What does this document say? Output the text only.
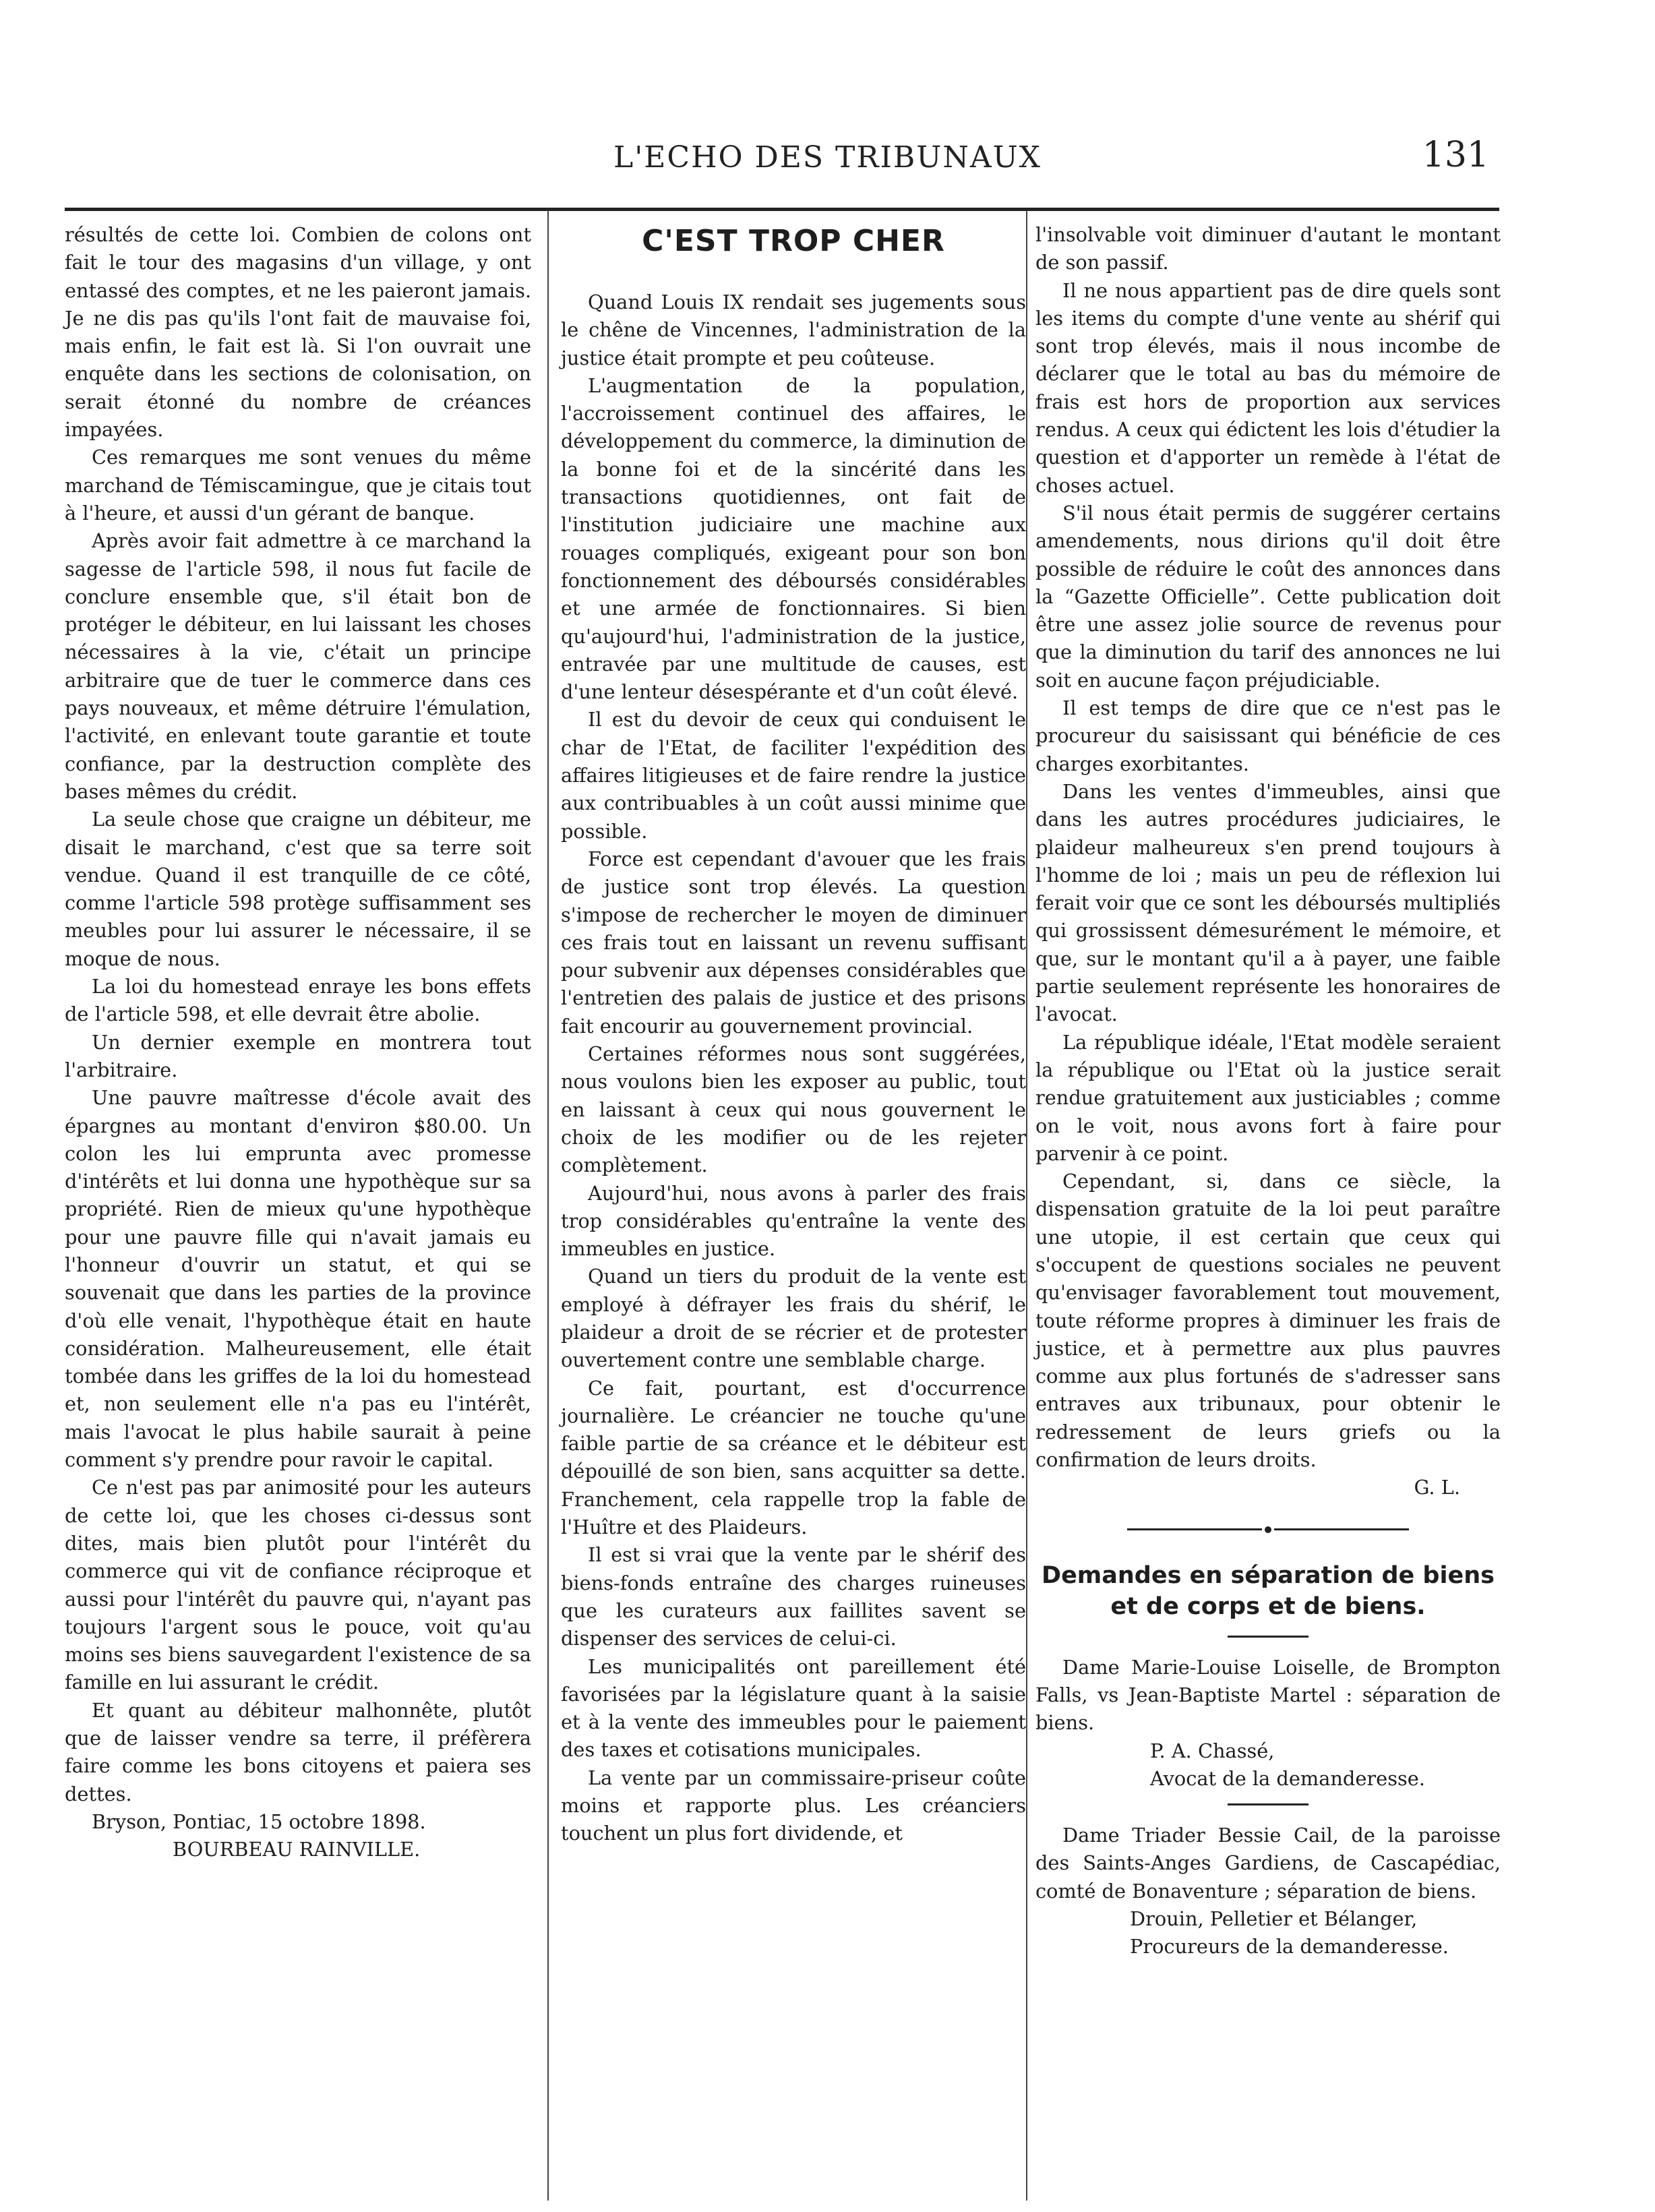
L'ECHO DES TRIBUNAUX	131

résultés de cette loi. Combien de colons ont fait le tour des magasins d'un village, y ont entassé des comptes, et ne les paieront jamais. Je ne dis pas qu'ils l'ont fait de mauvaise foi, mais enfin, le fait est là. Si l'on ouvrait une enquête dans les sections de colonisation, on serait étonné du nombre de créances impayées.

Ces remarques me sont venues du même marchand de Témiscamingue, que je citais tout à l'heure, et aussi d'un gérant de banque.

Après avoir fait admettre à ce marchand la sagesse de l'article 598, il nous fut facile de conclure ensemble que, s'il était bon de protéger le débiteur, en lui laissant les choses nécessaires à la vie, c'était un principe arbitraire que de tuer le commerce dans ces pays nouveaux, et même détruire l'émulation, l'activité, en enlevant toute garantie et toute confiance, par la destruction complète des bases mêmes du crédit.

La seule chose que craigne un débiteur, me disait le marchand, c'est que sa terre soit vendue. Quand il est tranquille de ce côté, comme l'article 598 protège suffisamment ses meubles pour lui assurer le nécessaire, il se moque de nous.

La loi du homestead enraye les bons effets de l'article 598, et elle devrait être abolie.

Un dernier exemple en montrera tout l'arbitraire.

Une pauvre maîtresse d'école avait des épargnes au montant d'environ $80.00. Un colon les lui emprunta avec promesse d'intérêts et lui donna une hypothèque sur sa propriété. Rien de mieux qu'une hypothèque pour une pauvre fille qui n'avait jamais eu l'honneur d'ouvrir un statut, et qui se souvenait que dans les parties de la province d'où elle venait, l'hypothèque était en haute considération. Malheureusement, elle était tombée dans les griffes de la loi du homestead et, non seulement elle n'a pas eu l'intérêt, mais l'avocat le plus habile saurait à peine comment s'y prendre pour ravoir le capital.

Ce n'est pas par animosité pour les auteurs de cette loi, que les choses ci-dessus sont dites, mais bien plutôt pour l'intérêt du commerce qui vit de confiance réciproque et aussi pour l'intérêt du pauvre qui, n'ayant pas toujours l'argent sous le pouce, voit qu'au moins ses biens sauvegardent l'existence de sa famille en lui assurant le crédit.

Et quant au débiteur malhonnête, plutôt que de laisser vendre sa terre, il préfèrera faire comme les bons citoyens et paiera ses dettes.

Bryson, Pontiac, 15 octobre 1898.

BOURBEAU RAINVILLE.

C'EST TROP CHER

Quand Louis IX rendait ses jugements sous le chêne de Vincennes, l'administration de la justice était prompte et peu coûteuse.

L'augmentation de la population, l'accroissement continuel des affaires, le développement du commerce, la diminution de la bonne foi et de la sincérité dans les transactions quotidiennes, ont fait de l'institution judiciaire une machine aux rouages compliqués, exigeant pour son bon fonctionnement des déboursés considérables et une armée de fonctionnaires. Si bien qu'aujourd'hui, l'administration de la justice, entravée par une multitude de causes, est d'une lenteur désespérante et d'un coût élevé.

Il est du devoir de ceux qui conduisent le char de l'Etat, de faciliter l'expédition des affaires litigieuses et de faire rendre la justice aux contribuables à un coût aussi minime que possible.

Force est cependant d'avouer que les frais de justice sont trop élevés. La question s'impose de rechercher le moyen de diminuer ces frais tout en laissant un revenu suffisant pour subvenir aux dépenses considérables que l'entretien des palais de justice et des prisons fait encourir au gouvernement provincial.

Certaines réformes nous sont suggérées, nous voulons bien les exposer au public, tout en laissant à ceux qui nous gouvernent le choix de les modifier ou de les rejeter complètement.

Aujourd'hui, nous avons à parler des frais trop considérables qu'entraîne la vente des immeubles en justice.

Quand un tiers du produit de la vente est employé à défrayer les frais du shérif, le plaideur a droit de se récrier et de protester ouvertement contre une semblable charge.

Ce fait, pourtant, est d'occurrence journalière. Le créancier ne touche qu'une faible partie de sa créance et le débiteur est dépouillé de son bien, sans acquitter sa dette. Franchement, cela rappelle trop la fable de l'Huître et des Plaideurs.

Il est si vrai que la vente par le shérif des biens-fonds entraîne des charges ruineuses que les curateurs aux faillites savent se dispenser des services de celui-ci.

Les municipalités ont pareillement été favorisées par la législature quant à la saisie et à la vente des immeubles pour le paiement des taxes et cotisations municipales.

La vente par un commissaire-priseur coûte moins et rapporte plus. Les créanciers touchent un plus fort dividende, et

l'insolvable voit diminuer d'autant le montant de son passif.

Il ne nous appartient pas de dire quels sont les items du compte d'une vente au shérif qui sont trop élevés, mais il nous incombe de déclarer que le total au bas du mémoire de frais est hors de proportion aux services rendus. A ceux qui édictent les lois d'étudier la question et d'apporter un remède à l'état de choses actuel.

S'il nous était permis de suggérer certains amendements, nous dirions qu'il doit être possible de réduire le coût des annonces dans la “Gazette Officielle”. Cette publication doit être une assez jolie source de revenus pour que la diminution du tarif des annonces ne lui soit en aucune façon préjudiciable.

Il est temps de dire que ce n'est pas le procureur du saisissant qui bénéficie de ces charges exorbitantes.

Dans les ventes d'immeubles, ainsi que dans les autres procédures judiciaires, le plaideur malheureux s'en prend toujours à l'homme de loi ; mais un peu de réflexion lui ferait voir que ce sont les déboursés multipliés qui grossissent démesurément le mémoire, et que, sur le montant qu'il a à payer, une faible partie seulement représente les honoraires de l'avocat.

La république idéale, l'Etat modèle seraient la république ou l'Etat où la justice serait rendue gratuitement aux justiciables ; comme on le voit, nous avons fort à faire pour parvenir à ce point.

Cependant, si, dans ce siècle, la dispensation gratuite de la loi peut paraître une utopie, il est certain que ceux qui s'occupent de questions sociales ne peuvent qu'envisager favorablement tout mouvement, toute réforme propres à diminuer les frais de justice, et à permettre aux plus pauvres comme aux plus fortunés de s'adresser sans entraves aux tribunaux, pour obtenir le redressement de leurs griefs ou la confirmation de leurs droits.

G. L.

Demandes en séparation de biens et de corps et de biens.

Dame Marie-Louise Loiselle, de Brompton Falls, vs Jean-Baptiste Martel : séparation de biens.

P. A. Chassé,

Avocat de la demanderesse.

Dame Triader Bessie Cail, de la paroisse des Saints-Anges Gardiens, de Cascapédiac, comté de Bonaventure ; séparation de biens.

Drouin, Pelletier et Bélanger,

Procureurs de la demanderesse.
